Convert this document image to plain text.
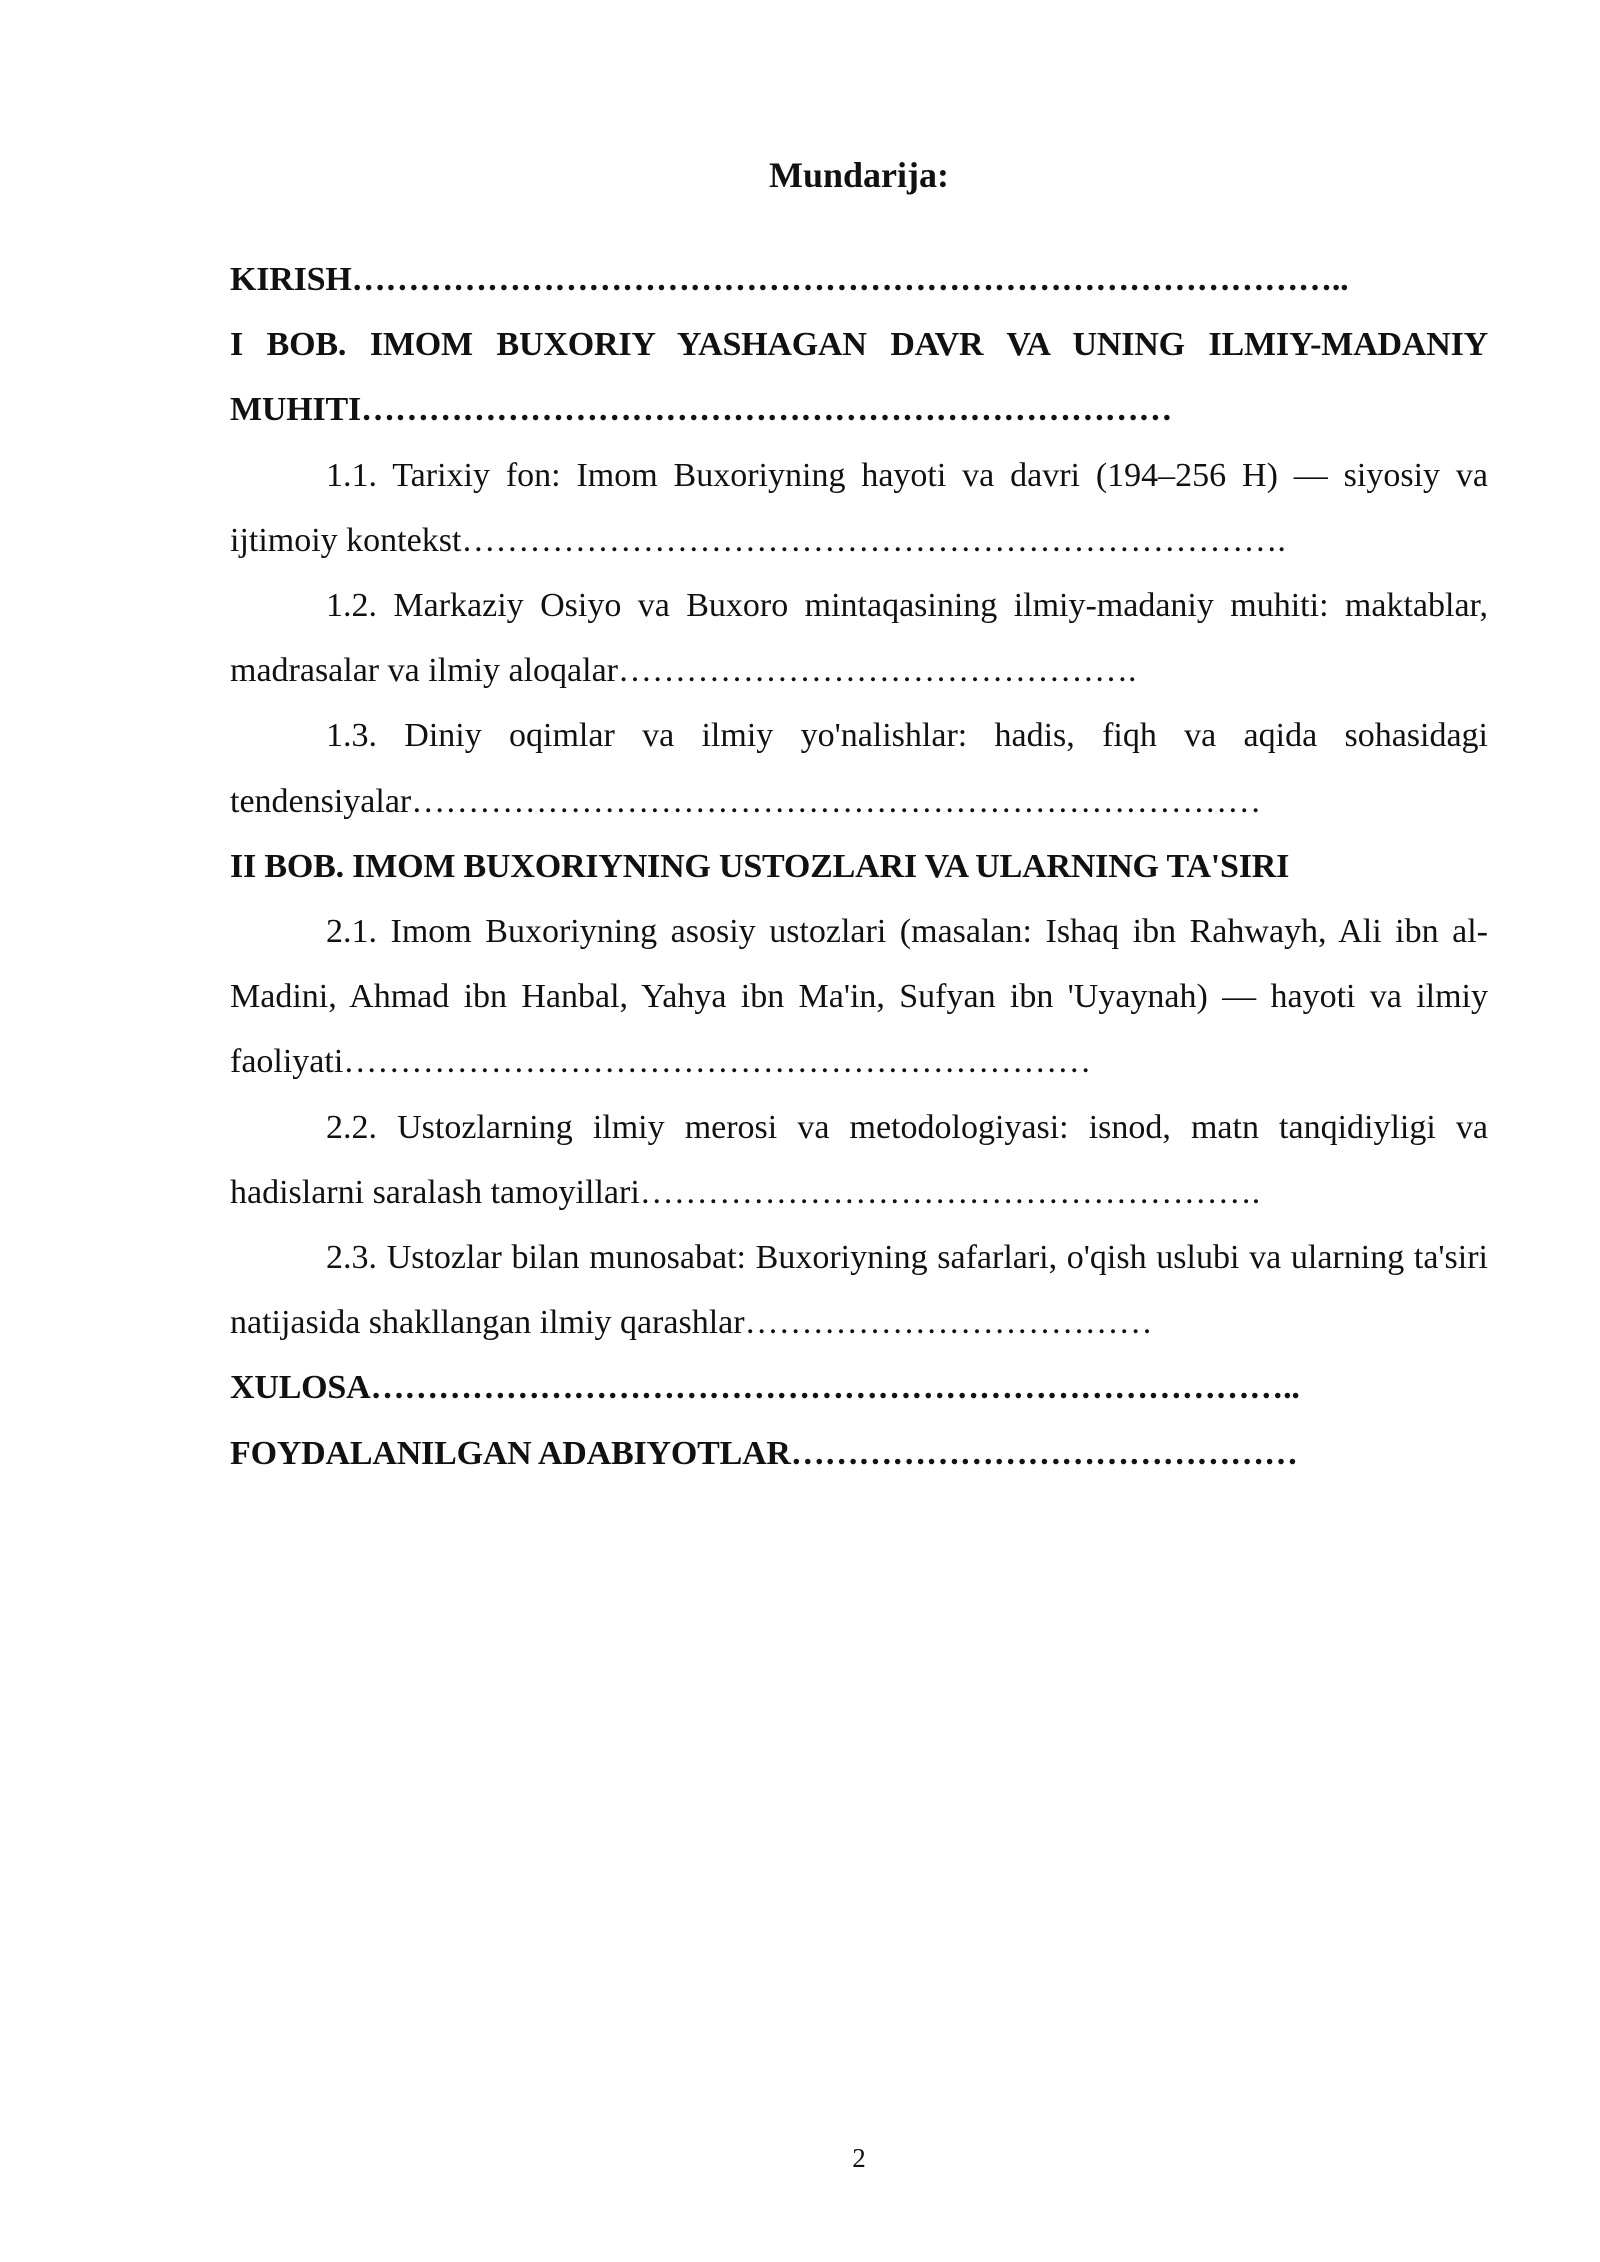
Mundarija:
KIRISH……………………………………………………………………………..
I BOB. IMOM BUXORIY YASHAGAN DAVR VA UNING ILMIY-MADANIY MUHITI………………………………………………………………
1.1. Tarixiy fon: Imom Buxoriyning hayoti va davri (194–256 H) — siyosiy va ijtimoiy kontekst……………………………………………………………….
1.2. Markaziy Osiyo va Buxoro mintaqasining ilmiy-madaniy muhiti: maktablar, madrasalar va ilmiy aloqalar……………………………………….
1.3. Diniy oqimlar va ilmiy yo'nalishlar: hadis, fiqh va aqida sohasidagi tendensiyalar…………………………………………………………………
II BOB. IMOM BUXORIYNING USTOZLARI VA ULARNING TA'SIRI
2.1. Imom Buxoriyning asosiy ustozlari (masalan: Ishaq ibn Rahwayh, Ali ibn al-Madini, Ahmad ibn Hanbal, Yahya ibn Ma'in, Sufyan ibn 'Uyaynah) — hayoti va ilmiy faoliyati…………………………………………………………
2.2. Ustozlarning ilmiy merosi va metodologiyasi: isnod, matn tanqidiyligi va hadislarni saralash tamoyillari……………………………………………….
2.3. Ustozlar bilan munosabat: Buxoriyning safarlari, o'qish uslubi va ularning ta'siri natijasida shakllangan ilmiy qarashlar………………………………
XULOSA………………………………………………………………………..
FOYDALANILGAN ADABIYOTLAR………………………………………
2
